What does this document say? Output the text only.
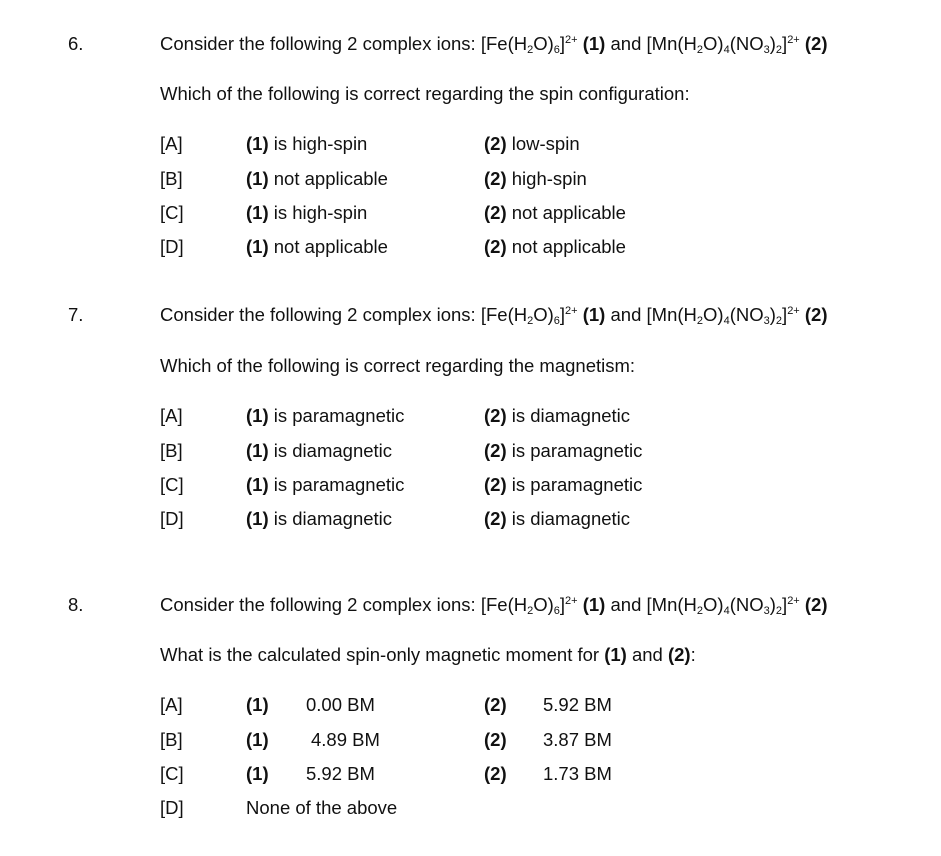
6.	Consider the following 2 complex ions: $[Fe(H_2O)_6]^{2+}$ (1) and $[Mn(H_2O)_4(NO_3)_2]^{2+}$ (2)
Which of the following is correct regarding the spin configuration:
[A]	(1) is high-spin	(2) low-spin
[B]	(1) not applicable	(2) high-spin
[C]	(1) is high-spin	(2) not applicable
[D]	(1) not applicable	(2) not applicable
7.	Consider the following 2 complex ions: $[Fe(H_2O)_6]^{2+}$ (1) and $[Mn(H_2O)_4(NO_3)_2]^{2+}$ (2)
Which of the following is correct regarding the magnetism:
[A]	(1) is paramagnetic	(2) is diamagnetic
[B]	(1) is diamagnetic	(2) is paramagnetic
[C]	(1) is paramagnetic	(2) is paramagnetic
[D]	(1) is diamagnetic	(2) is diamagnetic
8.	Consider the following 2 complex ions: $[Fe(H_2O)_6]^{2+}$ (1) and $[Mn(H_2O)_4(NO_3)_2]^{2+}$ (2)
What is the calculated spin-only magnetic moment for (1) and (2):
[A]	(1) 0.00 BM	(2) 5.92 BM
[B]	(1) 4.89 BM	(2) 3.87 BM
[C]	(1) 5.92 BM	(2) 1.73 BM
[D]	None of the above
